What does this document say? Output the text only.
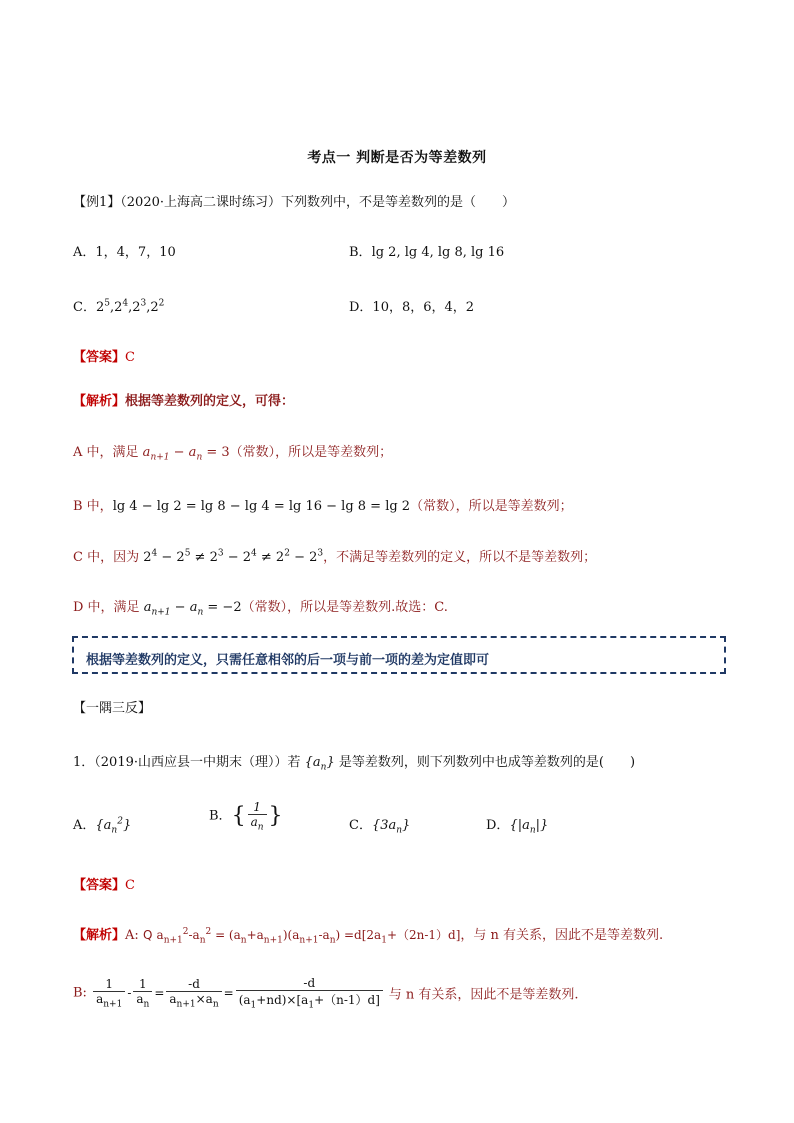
考点一 判断是否为等差数列
【例1】（2020·上海高二课时练习）下列数列中，不是等差数列的是（　　）
A．1，4，7，10	B．lg 2, lg 4, lg 8, lg 16
C．$2^5,2^4,2^3,2^2$	D．10，8，6，4，2
【答案】C
【解析】根据等差数列的定义，可得：
A 中，满足 $a_{n+1} - a_n = 3$（常数），所以是等差数列；
B 中，lg 4 − lg 2 = lg 8 − lg 4 = lg 16 − lg 8 = lg 2（常数），所以是等差数列；
C 中，因为 $2^4 - 2^5 \ne 2^3 - 2^4 \ne 2^2 - 2^3$，不满足等差数列的定义，所以不是等差数列；
D 中，满足 $a_{n+1} - a_n = -2$（常数），所以是等差数列.故选：C.
根据等差数列的定义，只需任意相邻的后一项与前一项的差为定值即可
【一隅三反】
1．（2019·山西应县一中期末（理））若 $\{a_n\}$ 是等差数列，则下列数列中也成等差数列的是(　　)
A．$\{a_n^2\}$
B．{ $\frac{1}{a_n}$ }	C．$\{3a_n\}$	D．$\{|a_n|\}$
【答案】C
【解析】A: Q $a_{n+1}^2-a_n^2 = (a_n+a_{n+1})(a_{n+1}-a_n) =d[2a_1+(2n-1)d]$，与 n 有关系，因此不是等差数列.
B: $\frac{1}{a_{n+1}} - \frac{1}{a_n} = \frac{-d}{a_{n+1}\times a_n} = \frac{-d}{(a_1+nd)\times[a_1+(n-1)d]}$ 与 n 有关系，因此不是等差数列.
